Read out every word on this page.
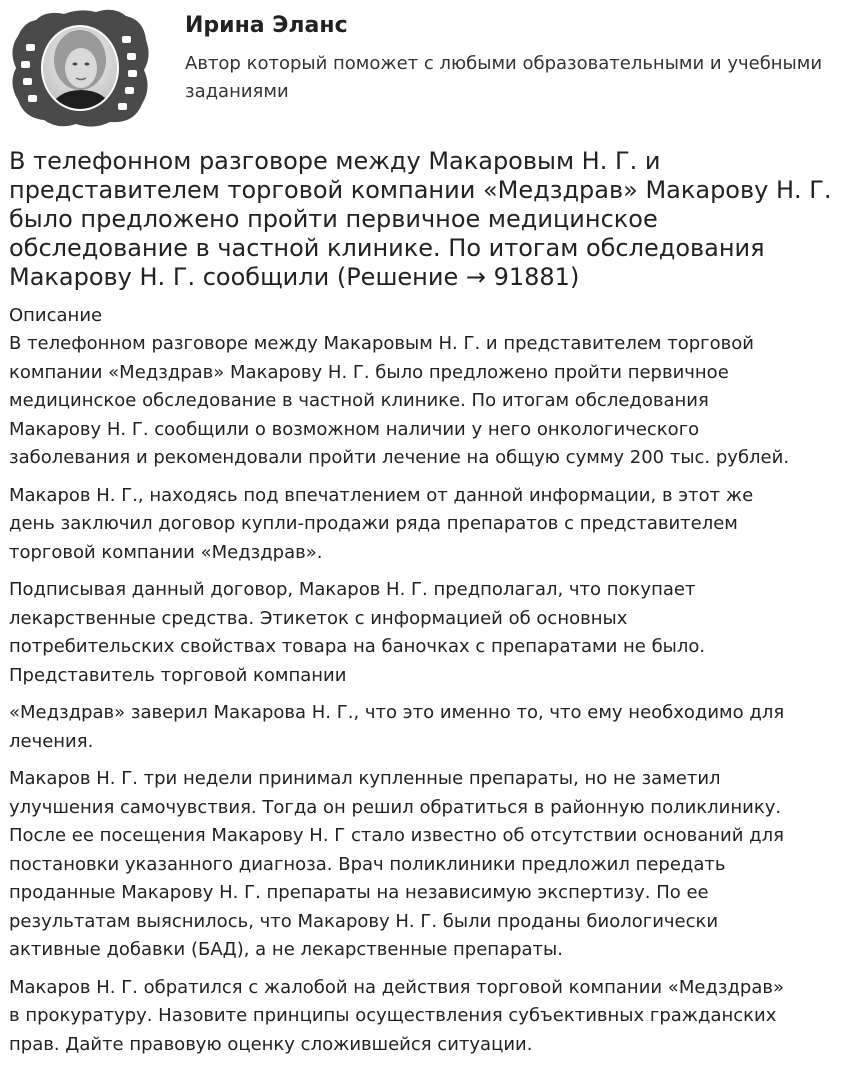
Ирина Эланс
Автор который поможет с любыми образовательными и учебными заданиями
В телефонном разговоре между Макаровым Н. Г. и представителем торговой компании «Медздрав» Макарову Н. Г. было предложено пройти первичное медицинское обследование в частной клинике. По итогам обследования Макарову Н. Г. сообщили (Решение → 91881)
Описание

В телефонном разговоре между Макаровым Н. Г. и представителем торговой
компании «Медздрав» Макарову Н. Г. было предложено пройти первичное
медицинское обследование в частной клинике. По итогам обследования
Макарову Н. Г. сообщили о возможном наличии у него онкологического
заболевания и рекомендовали пройти лечение на общую сумму 200 тыс. рублей.

Макаров Н. Г., находясь под впечатлением от данной информации, в этот же
день заключил договор купли-продажи ряда препаратов с представителем
торговой компании «Медздрав».

Подписывая данный договор, Макаров Н. Г. предполагал, что покупает
лекарственные средства. Этикеток с информацией об основных
потребительских свойствах товара на баночках с препаратами не было.
Представитель торговой компании

«Медздрав» заверил Макарова Н. Г., что это именно то, что ему необходимо для
лечения.

Макаров Н. Г. три недели принимал купленные препараты, но не заметил
улучшения самочувствия. Тогда он решил обратиться в районную поликлинику.
После ее посещения Макарову Н. Г стало известно об отсутствии оснований для
постановки указанного диагноза. Врач поликлиники предложил передать
проданные Макарову Н. Г. препараты на независимую экспертизу. По ее
результатам выяснилось, что Макарову Н. Г. были проданы биологически
активные добавки (БАД), а не лекарственные препараты.

Макаров Н. Г. обратился с жалобой на действия торговой компании «Медздрав»
в прокуратуру. Назовите принципы осуществления субъективных гражданских
прав. Дайте правовую оценку сложившейся ситуации.
